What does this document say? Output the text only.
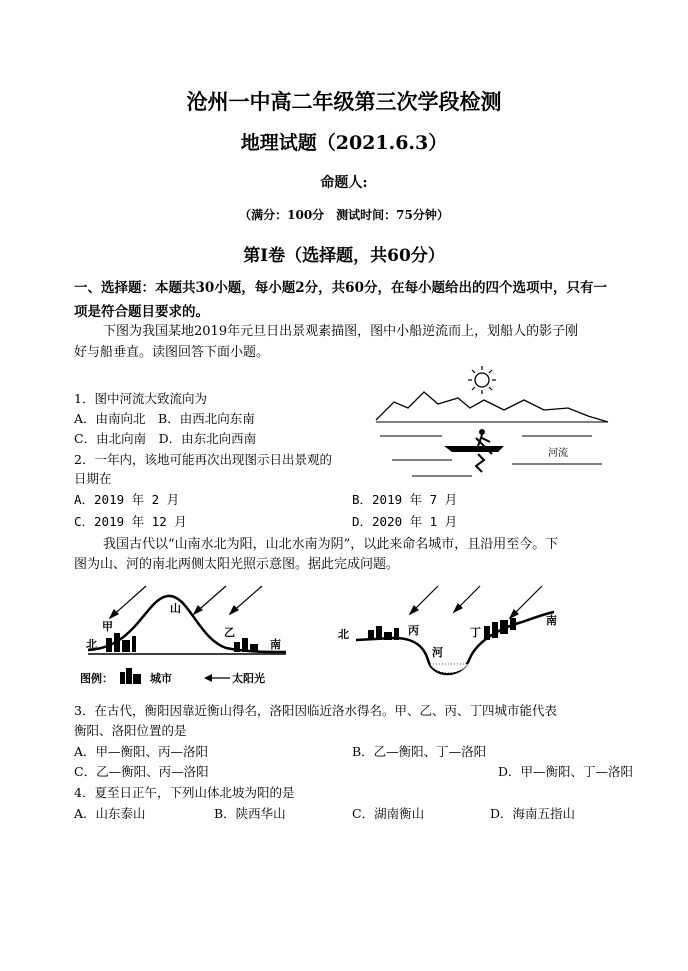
沧州一中高二年级第三次学段检测
地理试题（2021.6.3）
命题人:
（满分：100分　测试时间：75分钟）
第Ⅰ卷（选择题，共60分）
一、选择题：本题共30小题，每小题2分，共60分，在每小题给出的四个选项中，只有一项是符合题目要求的。
下图为我国某地2019年元旦日出景观素描图，图中小船逆流而上，划船人的影子刚
好与船垂直。读图回答下面小题。
河流
1．图中河流大致流向为
A．由南向北　B．由西北向东南
C．由北向南　D．由东北向西南
2．一年内，该地可能再次出现图示日出景观的
日期在
A．2019 年 2 月	B．2019 年 7 月
C．2019 年 12 月	D．2020 年 1 月
我国古代以“山南水北为阳，山北水南为阴”，以此来命名城市，且沿用至今。下
图为山、河的南北两侧太阳光照示意图。据此完成问题。
甲
北
山
乙
南
图例：	城市	太阳光
北	丙
河
丁
南
3．在古代，衡阳因靠近衡山得名，洛阳因临近洛水得名。甲、乙、丙、丁四城市能代表
衡阳、洛阳位置的是
A．甲—衡阳、丙—洛阳	B．乙—衡阳、丁—洛阳
C．乙—衡阳、丙—洛阳	D．甲—衡阳、丁—洛阳
4．夏至日正午，下列山体北坡为阳的是
A．山东泰山	B．陕西华山	C．湖南衡山	D．海南五指山
